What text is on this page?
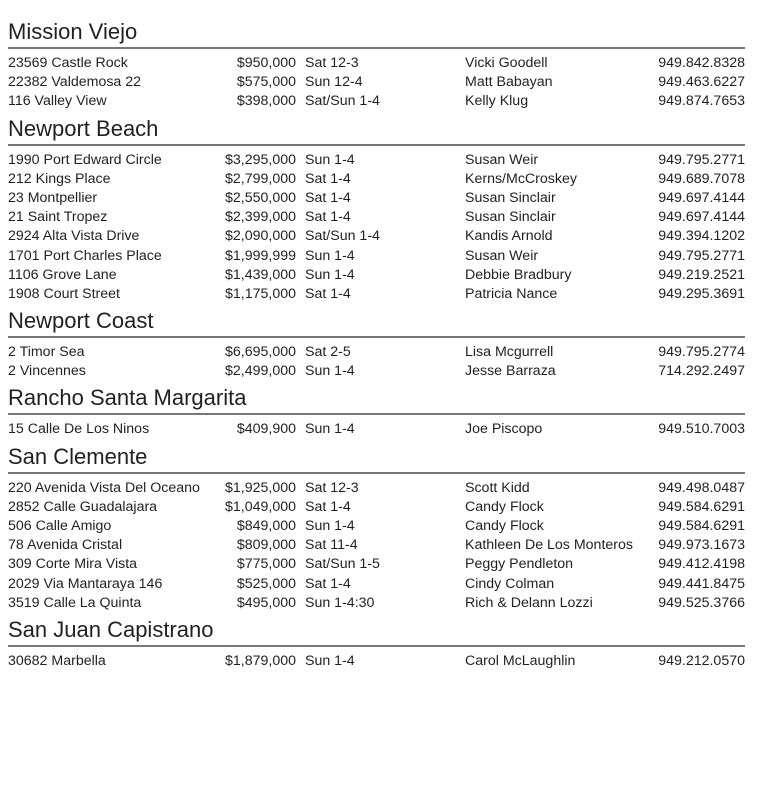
Mission Viejo
23569 Castle Rock	$950,000 Sat 12-3	Vicki Goodell	949.842.8328
22382 Valdemosa 22	$575,000 Sun 12-4	Matt Babayan	949.463.6227
116 Valley View	$398,000 Sat/Sun 1-4	Kelly Klug	949.874.7653
Newport Beach
1990 Port Edward Circle	$3,295,000 Sun 1-4	Susan Weir	949.795.2771
212 Kings Place	$2,799,000 Sat 1-4	Kerns/McCroskey	949.689.7078
23 Montpellier	$2,550,000 Sat 1-4	Susan Sinclair	949.697.4144
21 Saint Tropez	$2,399,000 Sat 1-4	Susan Sinclair	949.697.4144
2924 Alta Vista Drive	$2,090,000 Sat/Sun 1-4	Kandis Arnold	949.394.1202
1701 Port Charles Place	$1,999,999 Sun 1-4	Susan Weir	949.795.2771
1106 Grove Lane	$1,439,000 Sun 1-4	Debbie Bradbury	949.219.2521
1908 Court Street	$1,175,000 Sat 1-4	Patricia Nance	949.295.3691
Newport Coast
2 Timor Sea	$6,695,000 Sat 2-5	Lisa Mcgurrell	949.795.2774
2 Vincennes	$2,499,000 Sun 1-4	Jesse Barraza	714.292.2497
Rancho Santa Margarita
15 Calle De Los Ninos	$409,900 Sun 1-4	Joe Piscopo	949.510.7003
San Clemente
220 Avenida Vista Del Oceano $1,925,000 Sat 12-3	Scott Kidd	949.498.0487
2852 Calle Guadalajara	$1,049,000 Sat 1-4	Candy Flock	949.584.6291
506 Calle Amigo	$849,000 Sun 1-4	Candy Flock	949.584.6291
78 Avenida Cristal	$809,000 Sat 11-4	Kathleen De Los Monteros 949.973.1673
309 Corte Mira Vista	$775,000 Sat/Sun 1-5	Peggy Pendleton	949.412.4198
2029 Via Mantaraya 146	$525,000 Sat 1-4	Cindy Colman	949.441.8475
3519 Calle La Quinta	$495,000 Sun 1-4:30	Rich & Delann Lozzi	949.525.3766
San Juan Capistrano
30682 Marbella	$1,879,000 Sun 1-4	Carol McLaughlin	949.212.0570
